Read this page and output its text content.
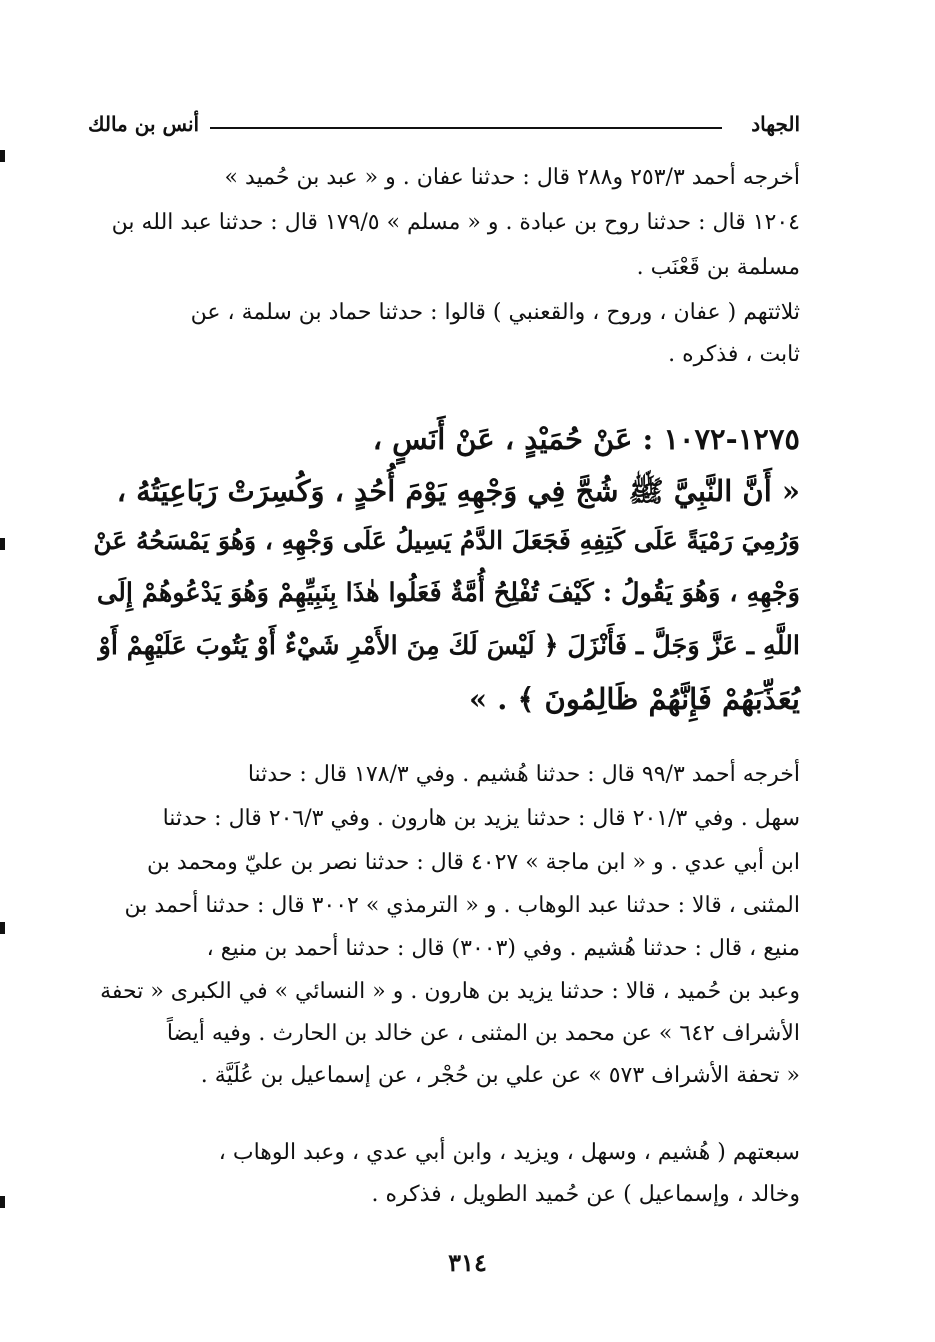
الجهاد
أنس بن مالك
أخرجه أحمد ٢٥٣/٣ و٢٨٨ قال : حدثنا عفان . و « عبد بن حُميد »
١٢٠٤ قال : حدثنا روح بن عبادة . و « مسلم » ١٧٩/٥ قال : حدثنا عبد الله بن
مسلمة بن قَعْنَب .
ثلاثتهم ( عفان ، وروح ، والقعنبي ) قالوا : حدثنا حماد بن سلمة ، عن
ثابت ، فذكره .
١٢٧٥-١٠٧٢ : عَنْ حُمَيْدٍ ، عَنْ أَنَسٍ ،
« أَنَّ النَّبِيَّ ﷺ شُجَّ فِي وَجْهِهِ يَوْمَ أُحُدٍ ، وَكُسِرَتْ رَبَاعِيَتُهُ ،
وَرُمِيَ رَمْيَةً عَلَى كَتِفِهِ فَجَعَلَ الدَّمُ يَسِيلُ عَلَى وَجْهِهِ ، وَهُوَ يَمْسَحُهُ عَنْ
وَجْهِهِ ، وَهُوَ يَقُولُ : كَيْفَ تُفْلِحُ أُمَّةٌ فَعَلُوا هٰذَا بِنَبِيِّهِمْ وَهُوَ يَدْعُوهُمْ إِلَى
اللَّهِ ـ عَزَّ وَجَلَّ ـ فَأَنْزَلَ ﴿ لَيْسَ لَكَ مِنَ الأَمْرِ شَيْءٌ أَوْ يَتُوبَ عَلَيْهِمْ أَوْ
يُعَذِّبَهُمْ فَإِنَّهُمْ ظَالِمُونَ ﴾ . »
أخرجه أحمد ٩٩/٣ قال : حدثنا هُشيم . وفي ١٧٨/٣ قال : حدثنا
سهل . وفي ٢٠١/٣ قال : حدثنا يزيد بن هارون . وفي ٢٠٦/٣ قال : حدثنا
ابن أبي عدي . و « ابن ماجة » ٤٠٢٧ قال : حدثنا نصر بن عليّ ومحمد بن
المثنى ، قالا : حدثنا عبد الوهاب . و « الترمذي » ٣٠٠٢ قال : حدثنا أحمد بن
منيع ، قال : حدثنا هُشيم . وفي (٣٠٠٣) قال : حدثنا أحمد بن منيع ،
وعبد بن حُميد ، قالا : حدثنا يزيد بن هارون . و « النسائي » في الكبرى « تحفة
الأشراف ٦٤٢ » عن محمد بن المثنى ، عن خالد بن الحارث . وفيه أيضاً
« تحفة الأشراف ٥٧٣ » عن علي بن حُجْر ، عن إسماعيل بن عُلَيَّة .
سبعتهم ( هُشيم ، وسهل ، ويزيد ، وابن أبي عدي ، وعبد الوهاب ،
وخالد ، وإسماعيل ) عن حُميد الطويل ، فذكره .
٣١٤
